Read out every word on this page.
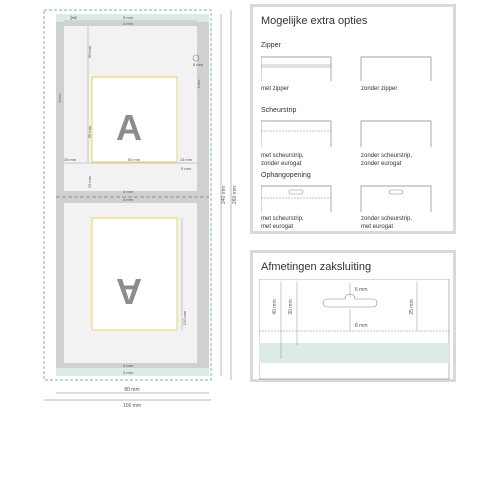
A
A
✂	5 mm
4 mm
30 mm
55 mm
8 mm
4 mm
8 mm
15 mm	50 mm	15 mm
15 mm
5 mm
4 mm
4 mm
120 mm
4 mm
3 mm
240 mm 260 mm
80 mm
100 mm
Mogelijke extra opties
Zipper
met zipper	zonder zipper
Scheurstrip
met scheurstrip,
zonder eurogat
zonder scheurstrip,
zonder eurogat
Ophangopening
met scheurstrip,
met eurogat
zonder scheurstrip,
met eurogat
Afmetingen zaksluiting
40 mm 30 mm
6 mm
8 mm
25 mm
